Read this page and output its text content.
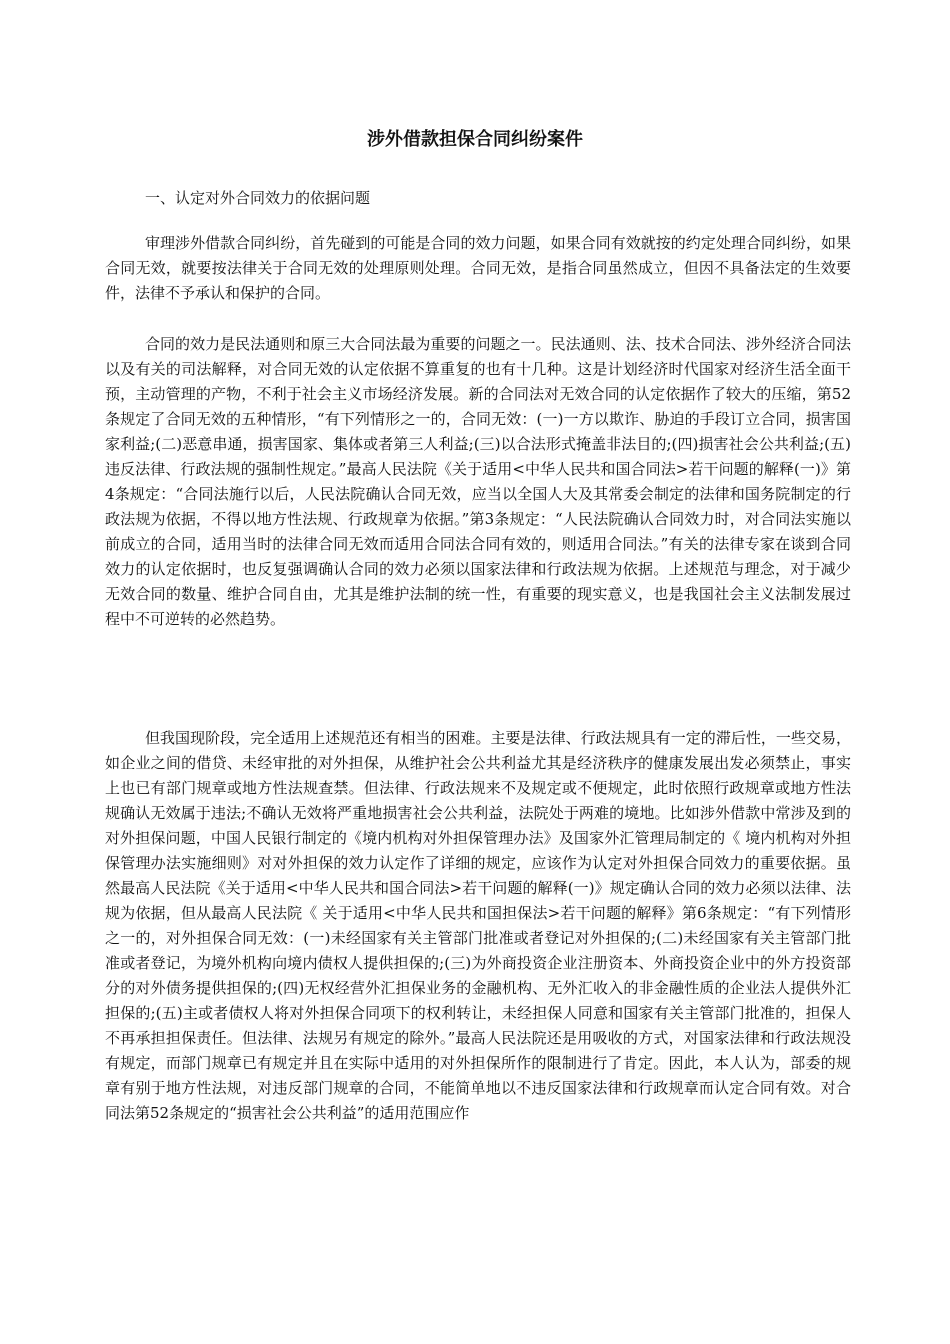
涉外借款担保合同纠纷案件

一、认定对外合同效力的依据问题

审理涉外借款合同纠纷，首先碰到的可能是合同的效力问题，如果合同有效就按的约定处理合同纠纷，如果合同无效，就要按法律关于合同无效的处理原则处理。合同无效，是指合同虽然成立，但因不具备法定的生效要件，法律不予承认和保护的合同。

合同的效力是民法通则和原三大合同法最为重要的问题之一。民法通则、法、技术合同法、涉外经济合同法以及有关的司法解释，对合同无效的认定依据不算重复的也有十几种。这是计划经济时代国家对经济生活全面干预，主动管理的产物，不利于社会主义市场经济发展。新的合同法对无效合同的认定依据作了较大的压缩，第52条规定了合同无效的五种情形，“有下列情形之一的，合同无效：(一)一方以欺诈、胁迫的手段订立合同，损害国家利益;(二)恶意串通，损害国家、集体或者第三人利益;(三)以合法形式掩盖非法目的;(四)损害社会公共利益;(五)违反法律、行政法规的强制性规定。”最高人民法院《关于适用<中华人民共和国合同法>若干问题的解释(一)》第4条规定：“合同法施行以后，人民法院确认合同无效，应当以全国人大及其常委会制定的法律和国务院制定的行政法规为依据，不得以地方性法规、行政规章为依据。”第3条规定：“人民法院确认合同效力时，对合同法实施以前成立的合同，适用当时的法律合同无效而适用合同法合同有效的，则适用合同法。”有关的法律专家在谈到合同效力的认定依据时，也反复强调确认合同的效力必须以国家法律和行政法规为依据。上述规范与理念，对于减少无效合同的数量、维护合同自由，尤其是维护法制的统一性，有重要的现实意义，也是我国社会主义法制发展过程中不可逆转的必然趋势。

但我国现阶段，完全适用上述规范还有相当的困难。主要是法律、行政法规具有一定的滞后性，一些交易，如企业之间的借贷、未经审批的对外担保，从维护社会公共利益尤其是经济秩序的健康发展出发必须禁止，事实上也已有部门规章或地方性法规查禁。但法律、行政法规来不及规定或不便规定，此时依照行政规章或地方性法规确认无效属于违法;不确认无效将严重地损害社会公共利益，法院处于两难的境地。比如涉外借款中常涉及到的对外担保问题，中国人民银行制定的《境内机构对外担保管理办法》及国家外汇管理局制定的《 境内机构对外担保管理办法实施细则》对对外担保的效力认定作了详细的规定，应该作为认定对外担保合同效力的重要依据。虽然最高人民法院《关于适用<中华人民共和国合同法>若干问题的解释(一)》规定确认合同的效力必须以法律、法规为依据，但从最高人民法院《 关于适用<中华人民共和国担保法>若干问题的解释》第6条规定：“有下列情形之一的，对外担保合同无效：(一)未经国家有关主管部门批准或者登记对外担保的;(二)未经国家有关主管部门批准或者登记，为境外机构向境内债权人提供担保的;(三)为外商投资企业注册资本、外商投资企业中的外方投资部分的对外债务提供担保的;(四)无权经营外汇担保业务的金融机构、无外汇收入的非金融性质的企业法人提供外汇担保的;(五)主或者债权人将对外担保合同项下的权利转让，未经担保人同意和国家有关主管部门批准的，担保人不再承担担保责任。但法律、法规另有规定的除外。”最高人民法院还是用吸收的方式，对国家法律和行政法规没有规定，而部门规章已有规定并且在实际中适用的对外担保所作的限制进行了肯定。因此，本人认为，部委的规章有别于地方性法规，对违反部门规章的合同，不能简单地以不违反国家法律和行政规章而认定合同有效。对合同法第52条规定的“损害社会公共利益”的适用范围应作
